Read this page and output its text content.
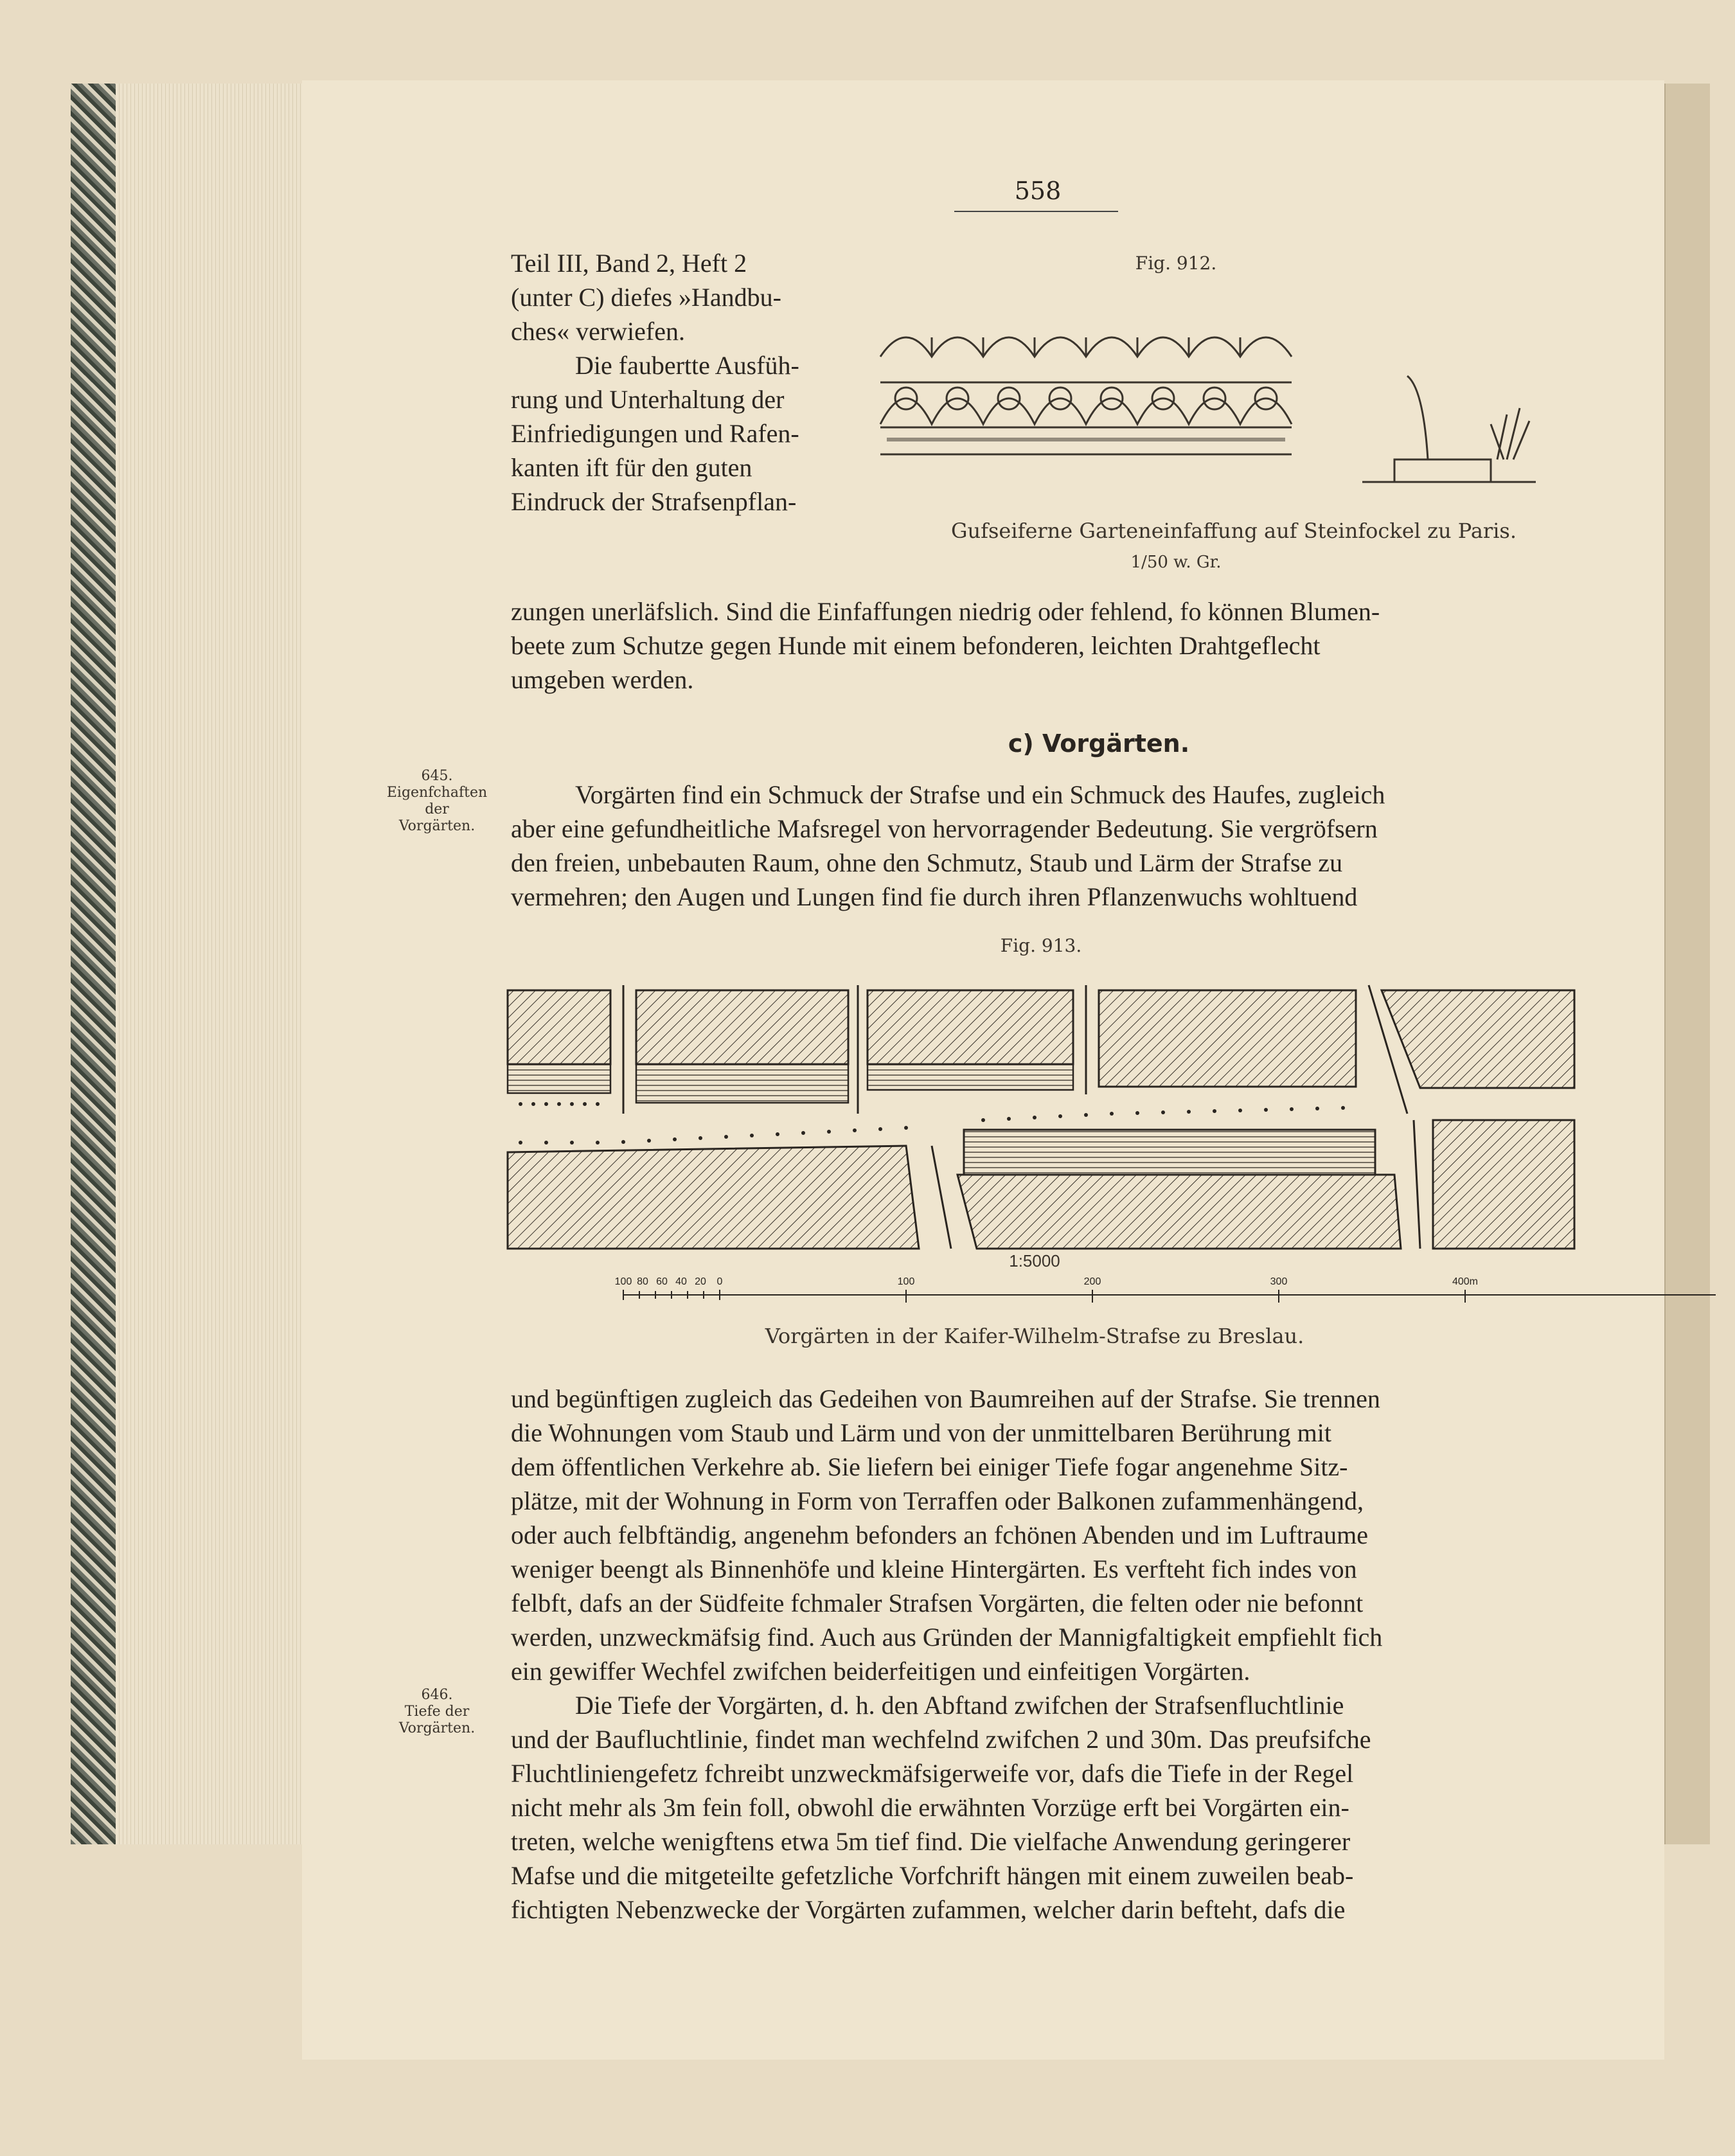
558
Teil III, Band 2, Heft 2
(unter C) diefes »Handbu-
ches« verwiefen.
Die faubertte Ausfüh-
rung und Unterhaltung der
Einfriedigungen und Rafen-
kanten ift für den guten
Eindruck der Strafsenpflan-
Fig. 912.
Gufseiferne Garteneinfaffung auf Steinfockel zu Paris.
1/50 w. Gr.
zungen unerläfslich. Sind die Einfaffungen niedrig oder fehlend, fo können Blumen-
beete zum Schutze gegen Hunde mit einem befonderen, leichten Drahtgeflecht
umgeben werden.
c) Vorgärten.
645.
Eigenfchaften
der
Vorgärten.
Vorgärten find ein Schmuck der Strafse und ein Schmuck des Haufes, zugleich
aber eine gefundheitliche Mafsregel von hervorragender Bedeutung. Sie vergröfsern
den freien, unbebauten Raum, ohne den Schmutz, Staub und Lärm der Strafse zu
vermehren; den Augen und Lungen find fie durch ihren Pflanzenwuchs wohltuend
Fig. 913.
1:5000
100 80 60 40 20 0	100	200	300	400m
Vorgärten in der Kaifer-Wilhelm-Strafse zu Breslau.
und begünftigen zugleich das Gedeihen von Baumreihen auf der Strafse. Sie trennen
die Wohnungen vom Staub und Lärm und von der unmittelbaren Berührung mit
dem öffentlichen Verkehre ab. Sie liefern bei einiger Tiefe fogar angenehme Sitz-
plätze, mit der Wohnung in Form von Terraffen oder Balkonen zufammenhängend,
oder auch felbftändig, angenehm befonders an fchönen Abenden und im Luftraume
weniger beengt als Binnenhöfe und kleine Hintergärten. Es verfteht fich indes von
felbft, dafs an der Südfeite fchmaler Strafsen Vorgärten, die felten oder nie befonnt
werden, unzweckmäfsig find. Auch aus Gründen der Mannigfaltigkeit empfiehlt fich
ein gewiffer Wechfel zwifchen beiderfeitigen und einfeitigen Vorgärten.
646.
Tiefe der
Vorgärten.
Die Tiefe der Vorgärten, d. h. den Abftand zwifchen der Strafsenfluchtlinie
und der Baufluchtlinie, findet man wechfelnd zwifchen 2 und 30m. Das preufsifche
Fluchtliniengefetz fchreibt unzweckmäfsigerweife vor, dafs die Tiefe in der Regel
nicht mehr als 3m fein foll, obwohl die erwähnten Vorzüge erft bei Vorgärten ein-
treten, welche wenigftens etwa 5m tief find. Die vielfache Anwendung geringerer
Mafse und die mitgeteilte gefetzliche Vorfchrift hängen mit einem zuweilen beab-
fichtigten Nebenzwecke der Vorgärten zufammen, welcher darin befteht, dafs die
